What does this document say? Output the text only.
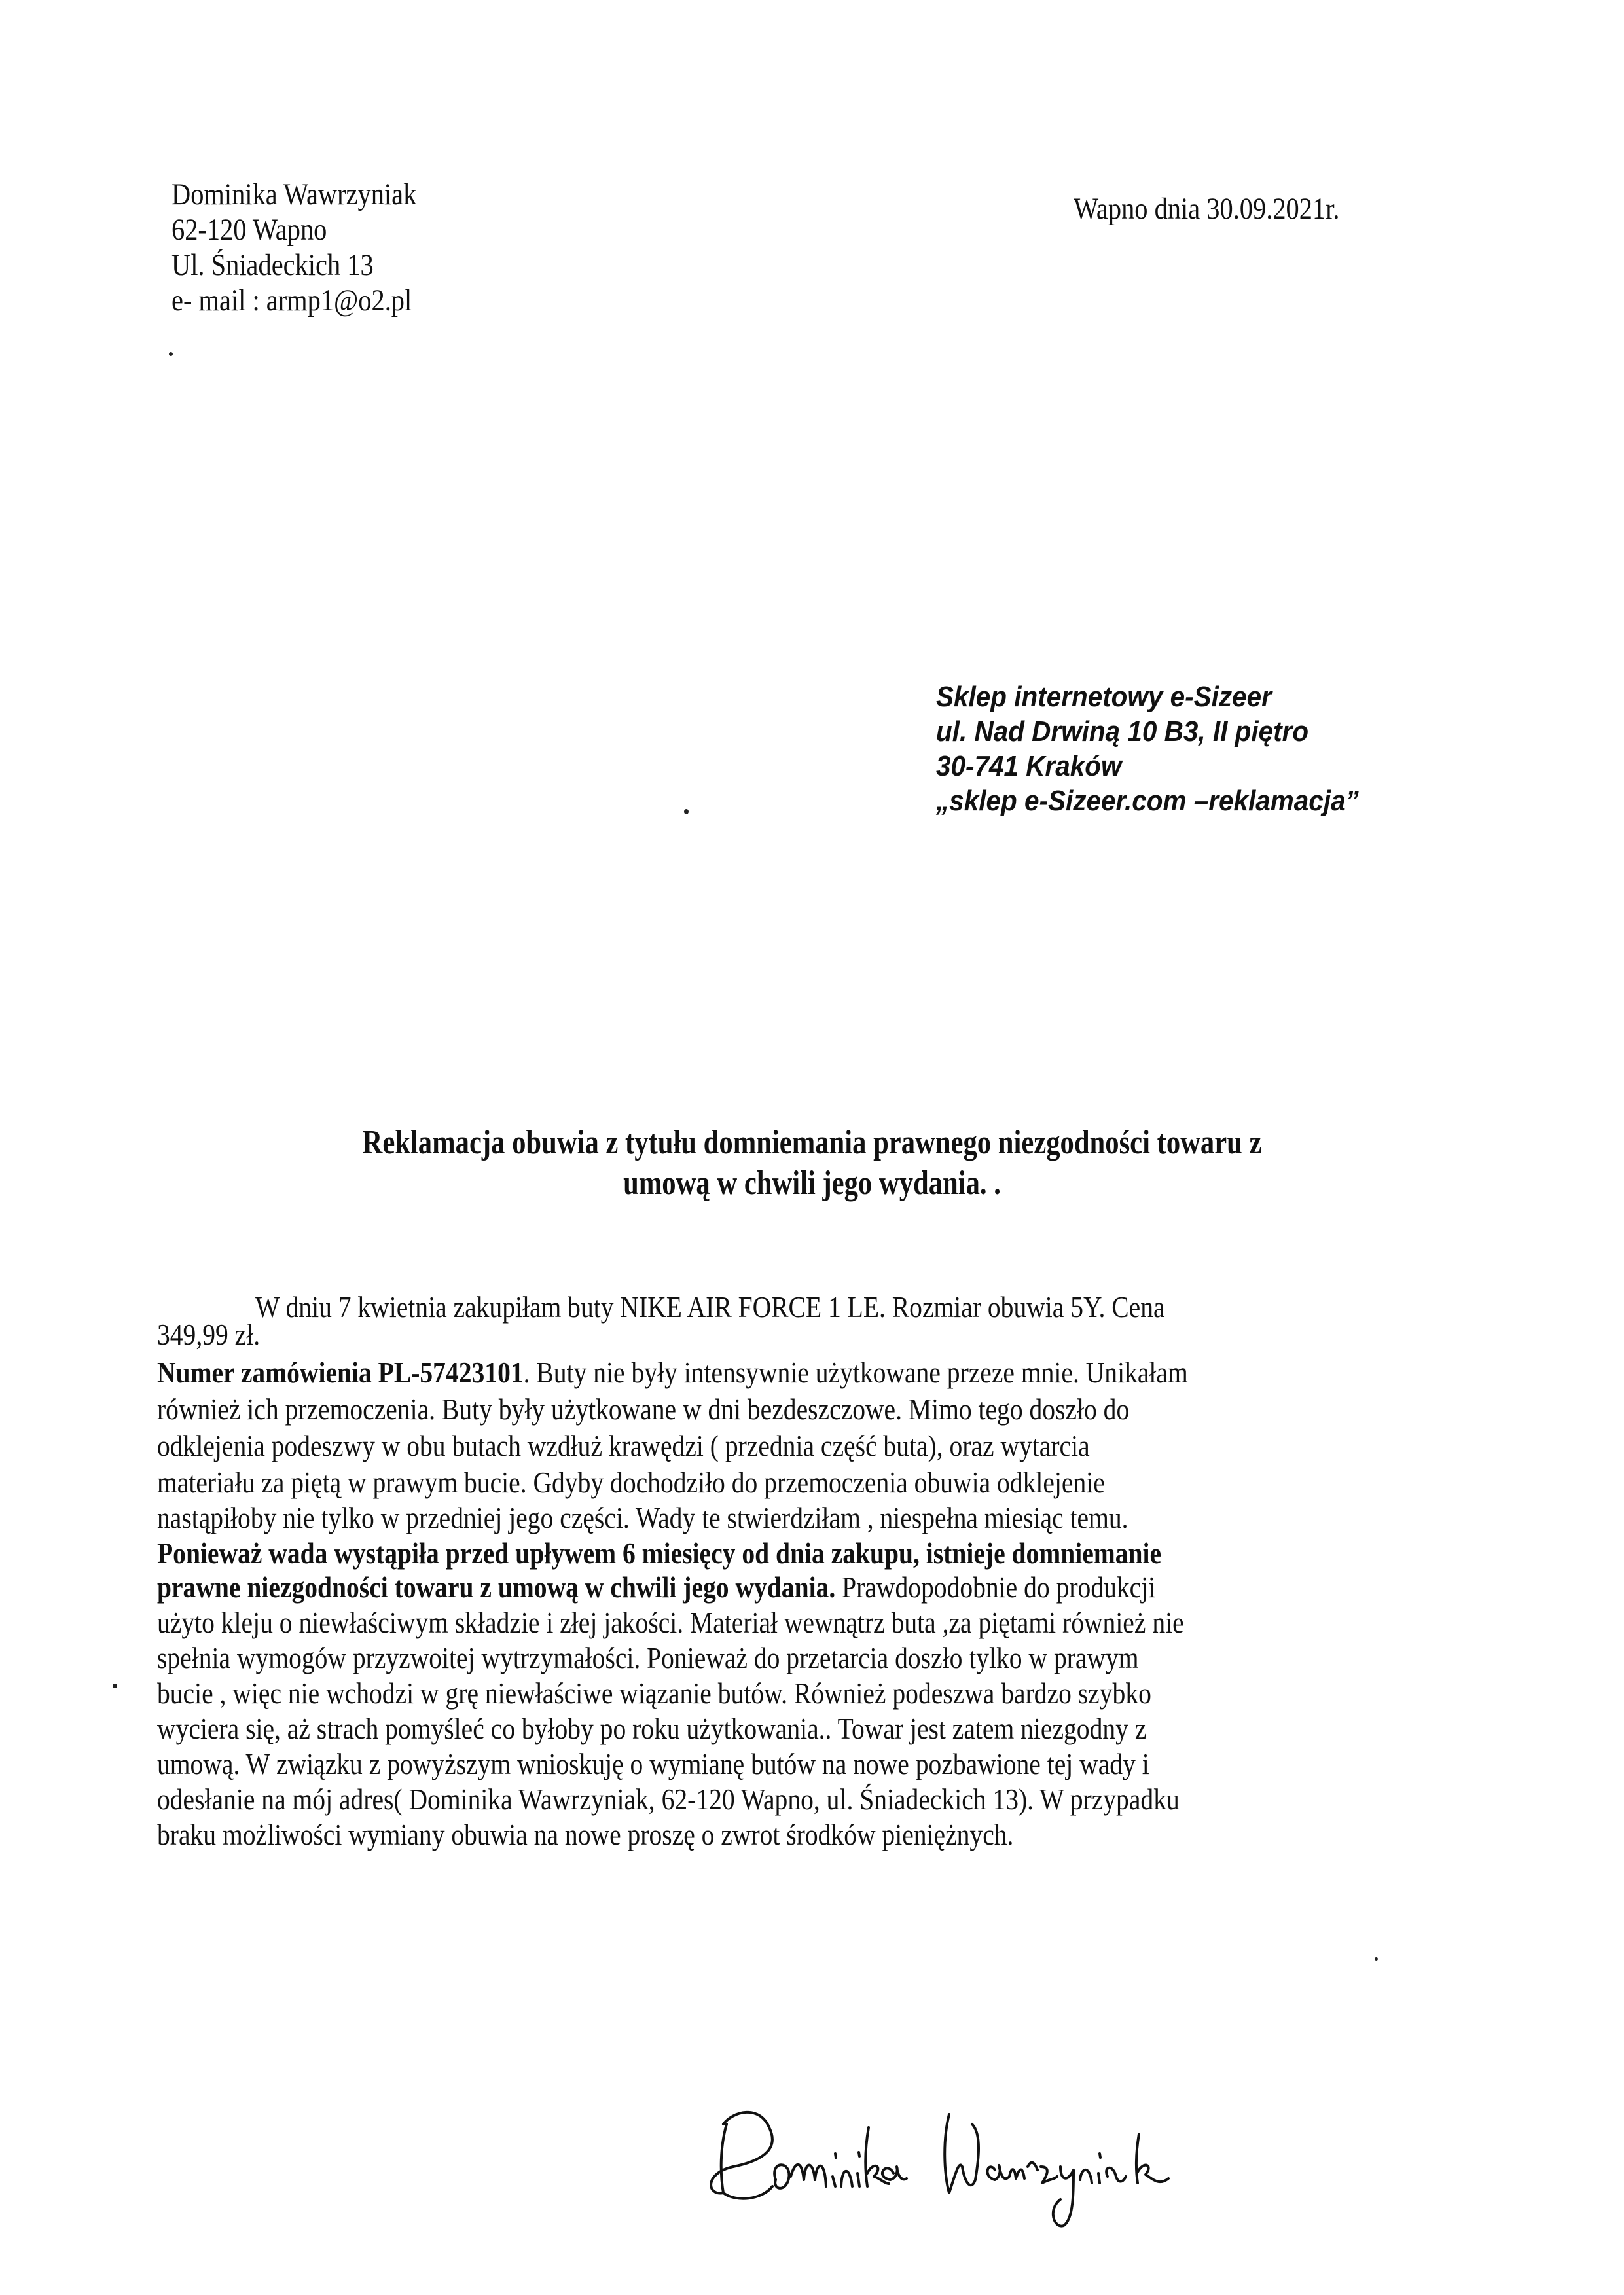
Dominika Wawrzyniak
62-120 Wapno
Ul. Śniadeckich 13
e- mail : armp1@o2.pl
Wapno dnia 30.09.2021r.
Sklep internetowy e-Sizeer
ul. Nad Drwiną 10 B3, II piętro
30-741 Kraków
„sklep e-Sizeer.com –reklamacja”
Reklamacja obuwia z tytułu domniemania prawnego niezgodności towaru z
umową w chwili jego wydania. .
W dniu 7 kwietnia zakupiłam buty NIKE AIR FORCE 1 LE. Rozmiar obuwia 5Y. Cena
349,99 zł.
Numer zamówienia PL-57423101. Buty nie były intensywnie użytkowane przeze mnie. Unikałam
również ich przemoczenia. Buty były użytkowane w dni bezdeszczowe. Mimo tego doszło do
odklejenia podeszwy w obu butach wzdłuż krawędzi ( przednia część buta), oraz wytarcia
materiału za piętą w prawym bucie. Gdyby dochodziło do przemoczenia obuwia odklejenie
nastąpiłoby nie tylko w przedniej jego części. Wady te stwierdziłam , niespełna miesiąc temu.
Ponieważ wada wystąpiła przed upływem 6 miesięcy od dnia zakupu, istnieje domniemanie
prawne niezgodności towaru z umową w chwili jego wydania. Prawdopodobnie do produkcji
użyto kleju o niewłaściwym składzie i złej jakości. Materiał wewnątrz buta ,za piętami również nie
spełnia wymogów przyzwoitej wytrzymałości. Ponieważ do przetarcia doszło tylko w prawym
bucie , więc nie wchodzi w grę niewłaściwe wiązanie butów. Również podeszwa bardzo szybko
wyciera się, aż strach pomyśleć co byłoby po roku użytkowania.. Towar jest zatem niezgodny z
umową. W związku z powyższym wnioskuję o wymianę butów na nowe pozbawione tej wady i
odesłanie na mój adres( Dominika Wawrzyniak, 62-120 Wapno, ul. Śniadeckich 13). W przypadku
braku możliwości wymiany obuwia na nowe proszę o zwrot środków pieniężnych.
